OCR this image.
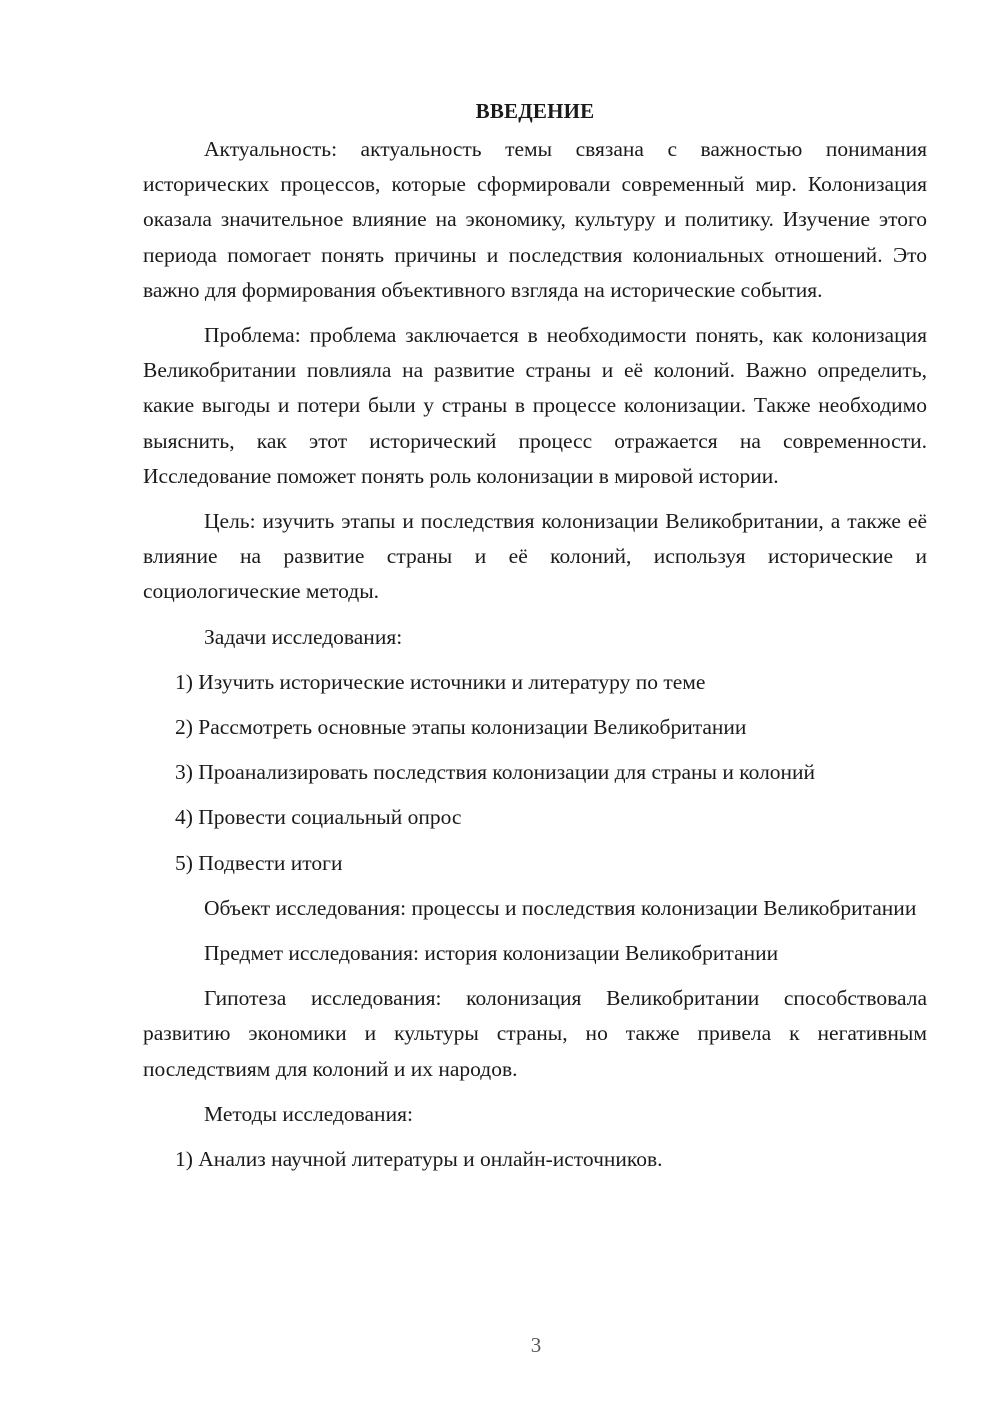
ВВЕДЕНИЕ

Актуальность: актуальность темы связана с важностью понимания исторических процессов, которые сформировали современный мир. Колонизация оказала значительное влияние на экономику, культуру и политику. Изучение этого периода помогает понять причины и последствия колониальных отношений. Это важно для формирования объективного взгляда на исторические события.

Проблема: проблема заключается в необходимости понять, как колонизация Великобритании повлияла на развитие страны и её колоний. Важно определить, какие выгоды и потери были у страны в процессе колонизации. Также необходимо выяснить, как этот исторический процесс отражается на современности. Исследование поможет понять роль колонизации в мировой истории.

Цель: изучить этапы и последствия колонизации Великобритании, а также её влияние на развитие страны и её колоний, используя исторические и социологические методы.

Задачи исследования:
1) Изучить исторические источники и литературу по теме
2) Рассмотреть основные этапы колонизации Великобритании
3) Проанализировать последствия колонизации для страны и колоний
4) Провести социальный опрос
5) Подвести итоги

Объект исследования: процессы и последствия колонизации Великобритании

Предмет исследования: история колонизации Великобритании

Гипотеза исследования: колонизация Великобритании способствовала развитию экономики и культуры страны, но также привела к негативным последствиям для колоний и их народов.

Методы исследования:
1) Анализ научной литературы и онлайн-источников.
3
